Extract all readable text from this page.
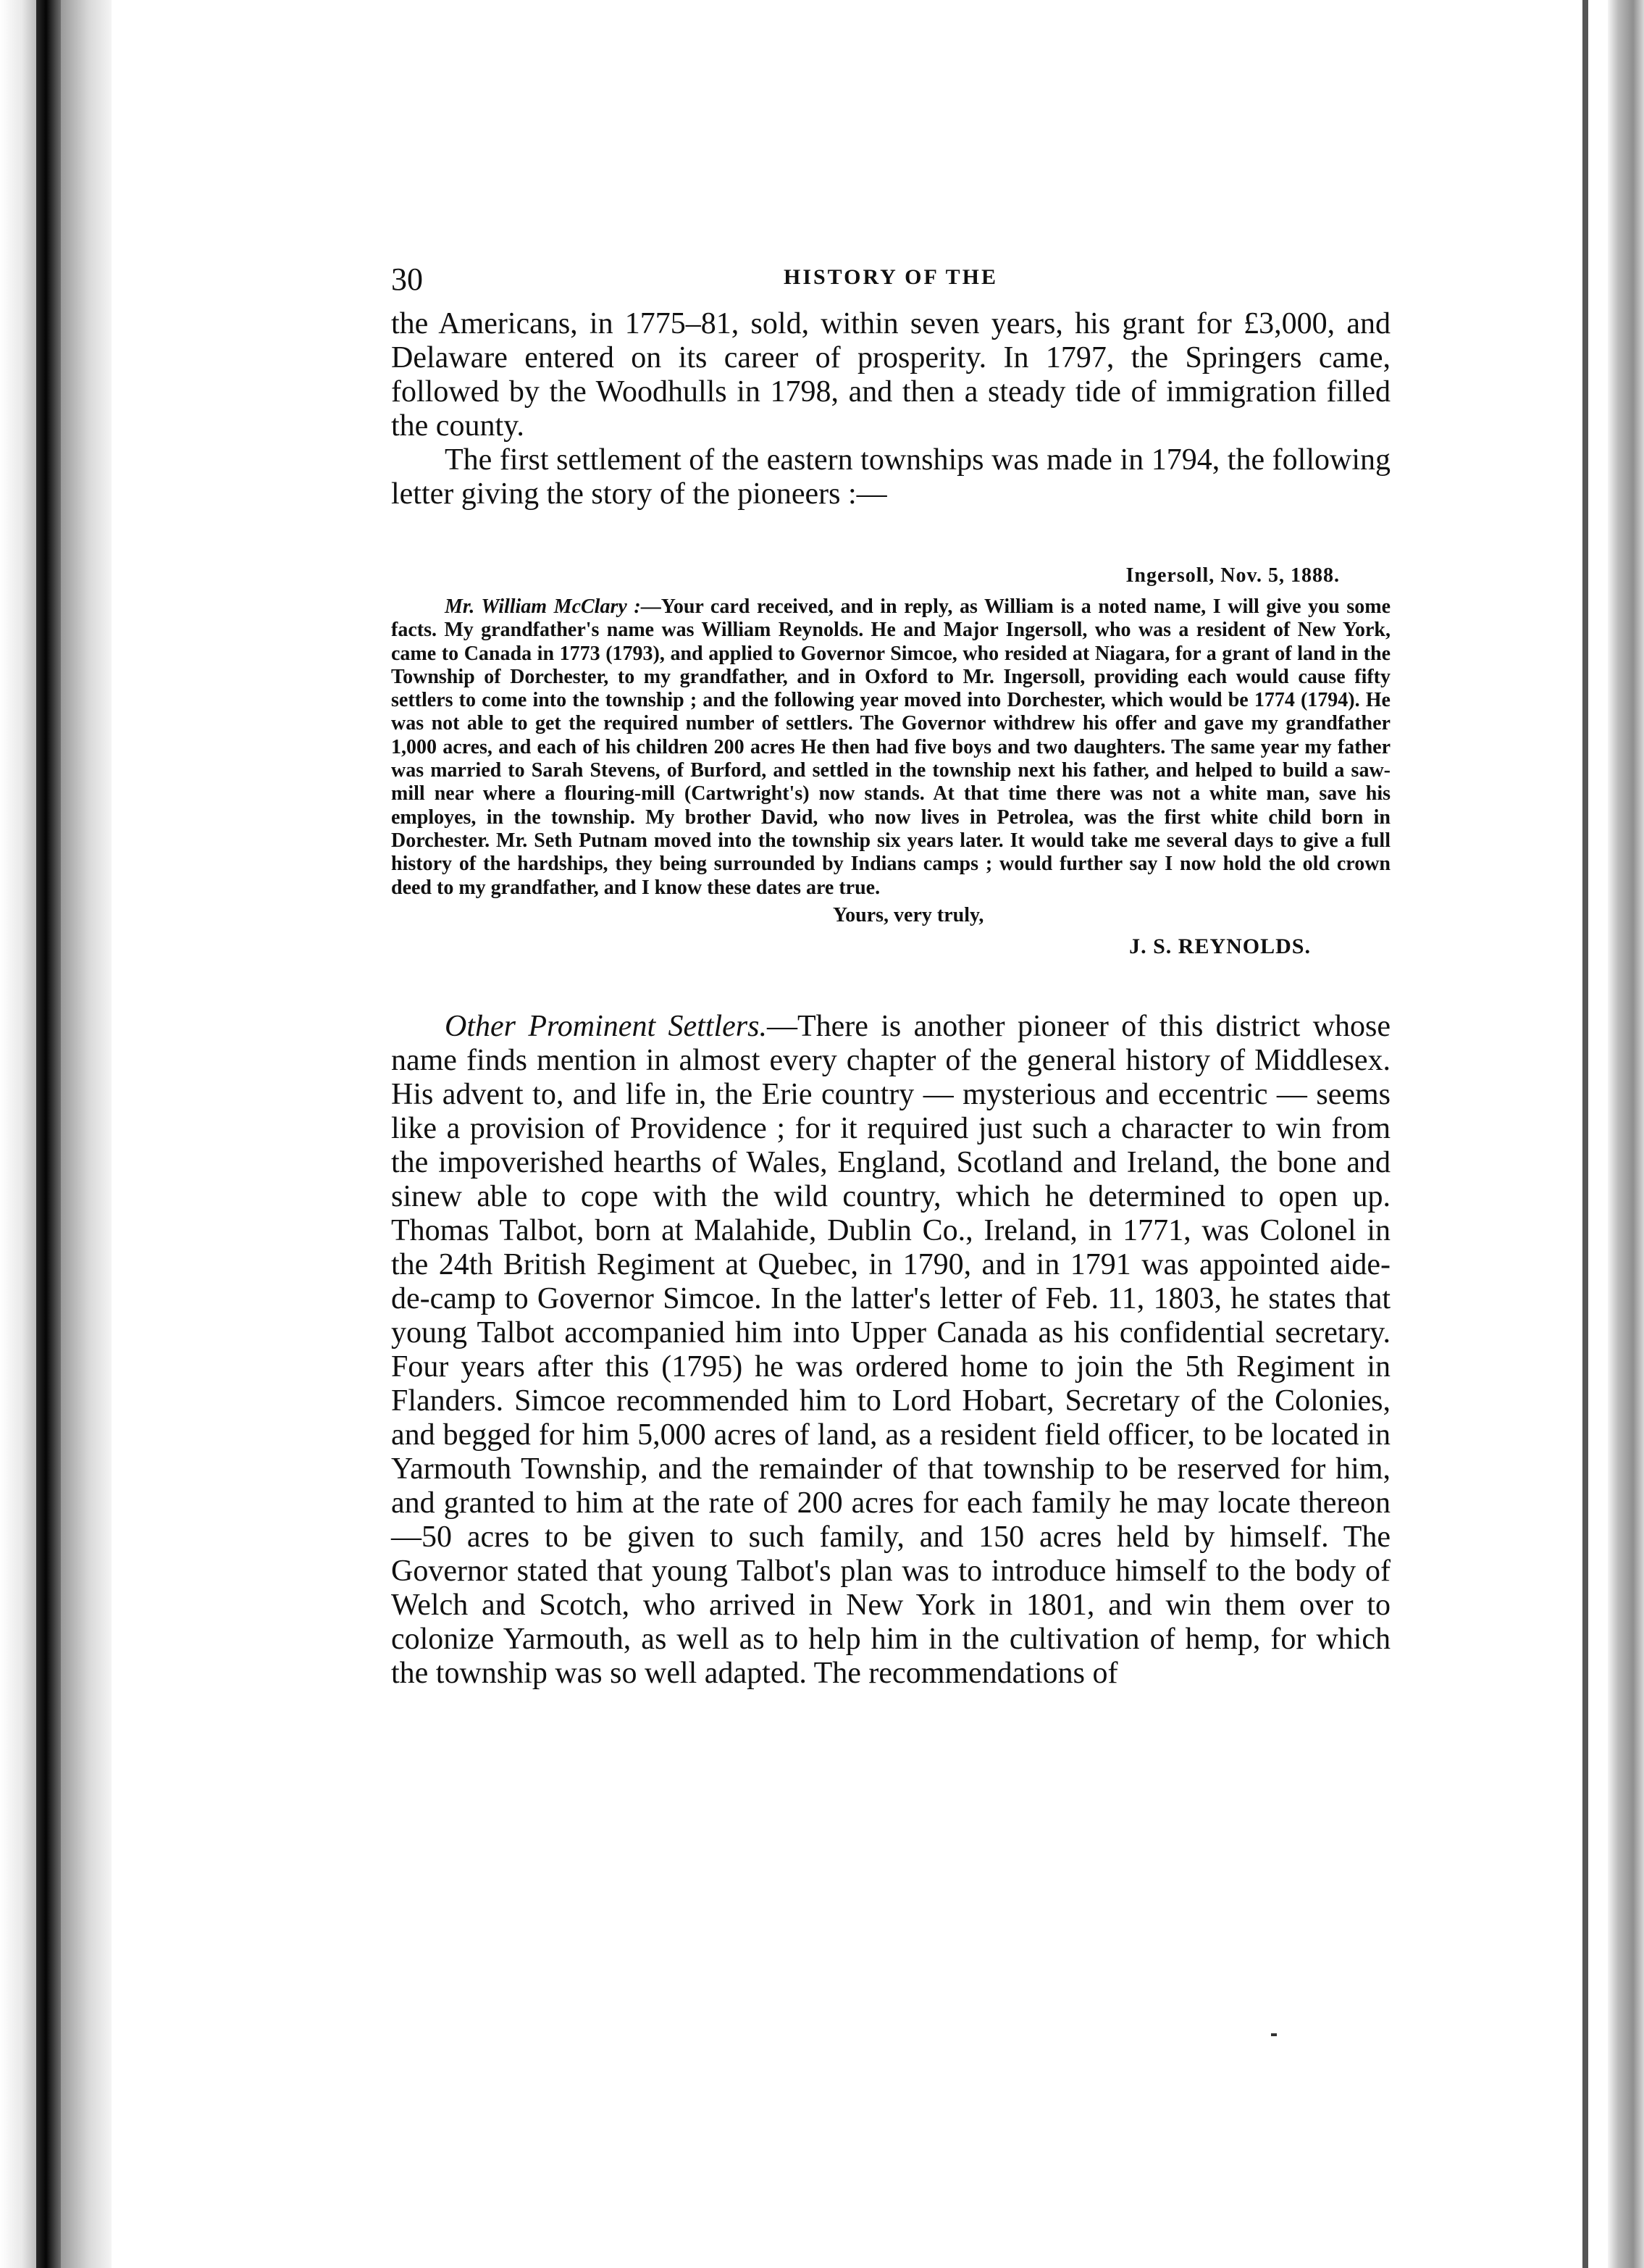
30	HISTORY OF THE

the Americans, in 1775–81, sold, within seven years, his grant for £3,000, and Delaware entered on its career of prosperity. In 1797, the Springers came, followed by the Woodhulls in 1798, and then a steady tide of immigration filled the county.

The first settlement of the eastern townships was made in 1794, the following letter giving the story of the pioneers :—

Ingersoll, Nov. 5, 1888.

Mr. William McClary :—Your card received, and in reply, as William is a noted name, I will give you some facts. My grandfather's name was William Reynolds. He and Major Ingersoll, who was a resident of New York, came to Canada in 1773 (1793), and applied to Governor Simcoe, who resided at Niagara, for a grant of land in the Township of Dorchester, to my grandfather, and in Oxford to Mr. Ingersoll, providing each would cause fifty settlers to come into the township ; and the following year moved into Dorchester, which would be 1774 (1794). He was not able to get the required number of settlers. The Governor withdrew his offer and gave my grandfather 1,000 acres, and each of his children 200 acres He then had five boys and two daughters. The same year my father was married to Sarah Stevens, of Burford, and settled in the township next his father, and helped to build a saw-mill near where a flouring-mill (Cartwright's) now stands. At that time there was not a white man, save his employes, in the township. My brother David, who now lives in Petrolea, was the first white child born in Dorchester. Mr. Seth Putnam moved into the township six years later. It would take me several days to give a full history of the hardships, they being surrounded by Indians camps ; would further say I now hold the old crown deed to my grandfather, and I know these dates are true.

Yours, very truly,
J. S. REYNOLDS.

Other Prominent Settlers.—There is another pioneer of this district whose name finds mention in almost every chapter of the general history of Middlesex. His advent to, and life in, the Erie country — mysterious and eccentric — seems like a provision of Providence ; for it required just such a character to win from the impoverished hearths of Wales, England, Scotland and Ireland, the bone and sinew able to cope with the wild country, which he determined to open up. Thomas Talbot, born at Malahide, Dublin Co., Ireland, in 1771, was Colonel in the 24th British Regiment at Quebec, in 1790, and in 1791 was appointed aide-de-camp to Governor Simcoe. In the latter's letter of Feb. 11, 1803, he states that young Talbot accompanied him into Upper Canada as his confidential secretary. Four years after this (1795) he was ordered home to join the 5th Regiment in Flanders. Simcoe recommended him to Lord Hobart, Secretary of the Colonies, and begged for him 5,000 acres of land, as a resident field officer, to be located in Yarmouth Township, and the remainder of that township to be reserved for him, and granted to him at the rate of 200 acres for each family he may locate thereon—50 acres to be given to such family, and 150 acres held by himself. The Governor stated that young Talbot's plan was to introduce himself to the body of Welch and Scotch, who arrived in New York in 1801, and win them over to colonize Yarmouth, as well as to help him in the cultivation of hemp, for which the township was so well adapted. The recommendations of
